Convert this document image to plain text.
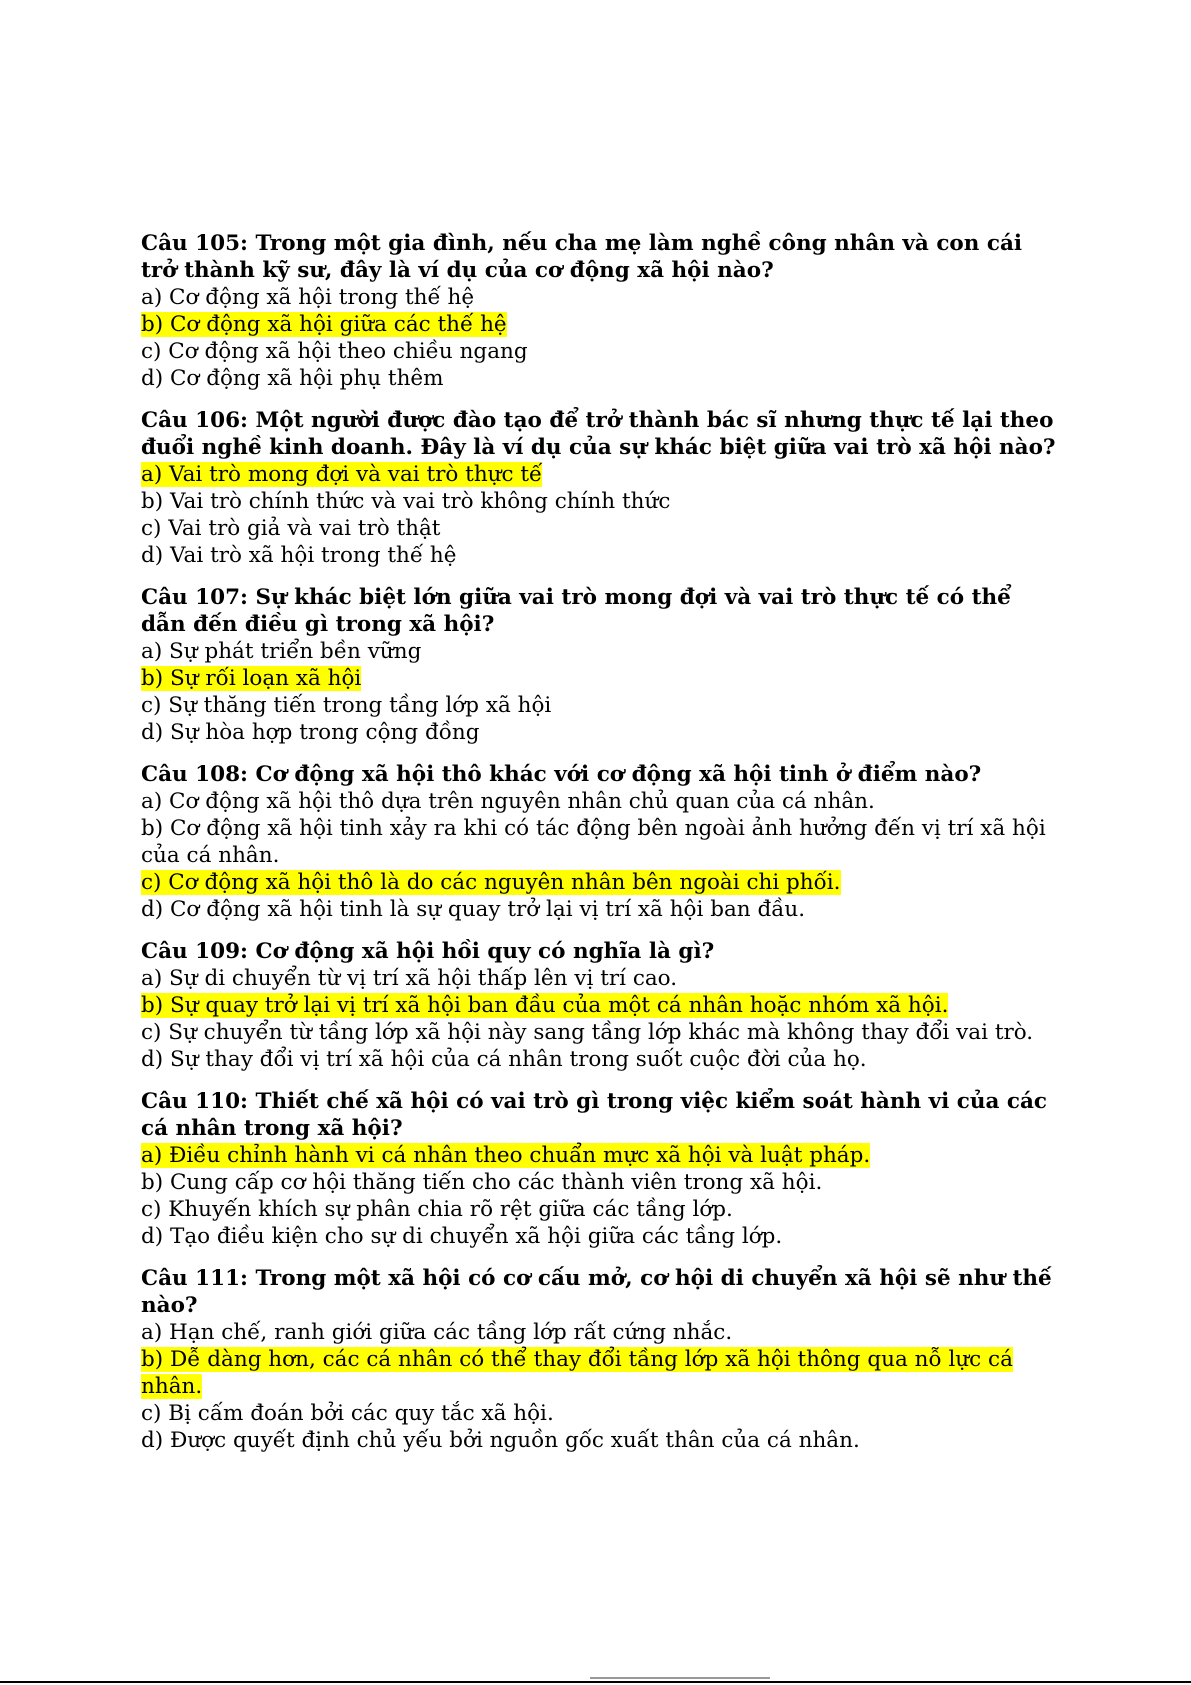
Câu 105: Trong một gia đình, nếu cha mẹ làm nghề công nhân và con cái trở thành kỹ sư, đây là ví dụ của cơ động xã hội nào?

a) Cơ động xã hội trong thế hệ

b) Cơ động xã hội giữa các thế hệ

c) Cơ động xã hội theo chiều ngang

d) Cơ động xã hội phụ thêm

Câu 106: Một người được đào tạo để trở thành bác sĩ nhưng thực tế lại theo đuổi nghề kinh doanh. Đây là ví dụ của sự khác biệt giữa vai trò xã hội nào?

a) Vai trò mong đợi và vai trò thực tế

b) Vai trò chính thức và vai trò không chính thức

c) Vai trò giả và vai trò thật

d) Vai trò xã hội trong thế hệ

Câu 107: Sự khác biệt lớn giữa vai trò mong đợi và vai trò thực tế có thể dẫn đến điều gì trong xã hội?

a) Sự phát triển bền vững

b) Sự rối loạn xã hội

c) Sự thăng tiến trong tầng lớp xã hội

d) Sự hòa hợp trong cộng đồng

Câu 108: Cơ động xã hội thô khác với cơ động xã hội tinh ở điểm nào?

a) Cơ động xã hội thô dựa trên nguyên nhân chủ quan của cá nhân.

b) Cơ động xã hội tinh xảy ra khi có tác động bên ngoài ảnh hưởng đến vị trí xã hội của cá nhân.

c) Cơ động xã hội thô là do các nguyên nhân bên ngoài chi phối.

d) Cơ động xã hội tinh là sự quay trở lại vị trí xã hội ban đầu.

Câu 109: Cơ động xã hội hồi quy có nghĩa là gì?

a) Sự di chuyển từ vị trí xã hội thấp lên vị trí cao.

b) Sự quay trở lại vị trí xã hội ban đầu của một cá nhân hoặc nhóm xã hội.

c) Sự chuyển từ tầng lớp xã hội này sang tầng lớp khác mà không thay đổi vai trò.

d) Sự thay đổi vị trí xã hội của cá nhân trong suốt cuộc đời của họ.

Câu 110: Thiết chế xã hội có vai trò gì trong việc kiểm soát hành vi của các cá nhân trong xã hội?

a) Điều chỉnh hành vi cá nhân theo chuẩn mực xã hội và luật pháp.

b) Cung cấp cơ hội thăng tiến cho các thành viên trong xã hội.

c) Khuyến khích sự phân chia rõ rệt giữa các tầng lớp.

d) Tạo điều kiện cho sự di chuyển xã hội giữa các tầng lớp.

Câu 111: Trong một xã hội có cơ cấu mở, cơ hội di chuyển xã hội sẽ như thế nào?

a) Hạn chế, ranh giới giữa các tầng lớp rất cứng nhắc.

b) Dễ dàng hơn, các cá nhân có thể thay đổi tầng lớp xã hội thông qua nỗ lực cá nhân.

c) Bị cấm đoán bởi các quy tắc xã hội.

d) Được quyết định chủ yếu bởi nguồn gốc xuất thân của cá nhân.
